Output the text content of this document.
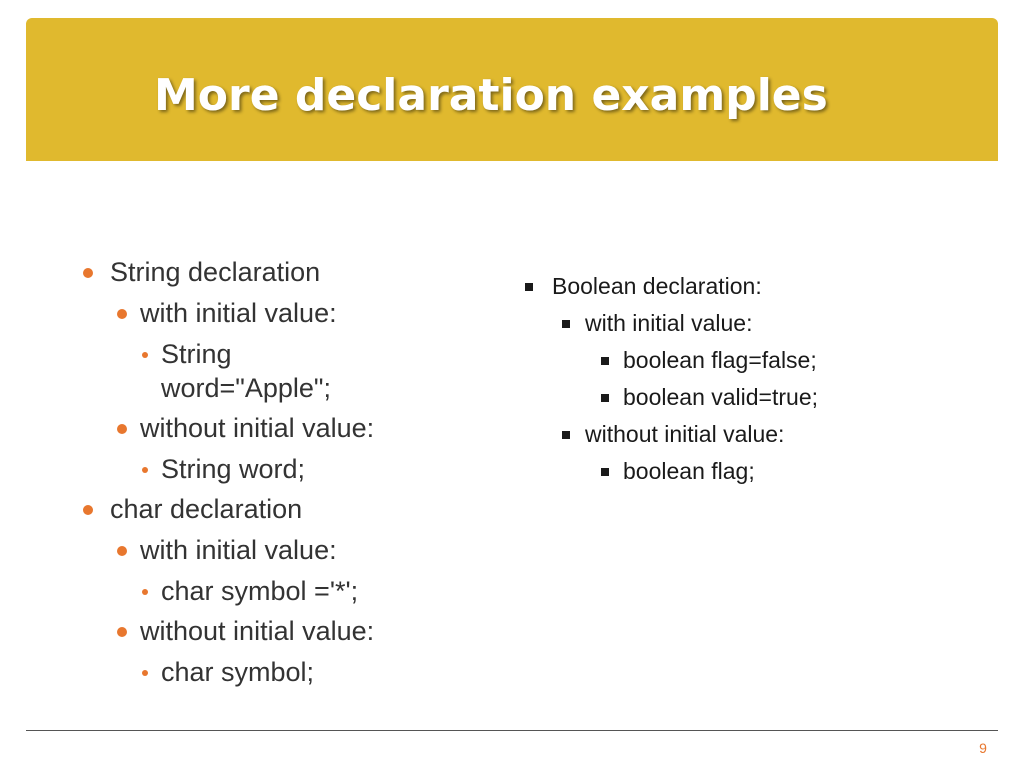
More declaration examples

String declaration

with initial value:

String word="Apple";

without initial value:

String word;

char declaration

with initial value:

char symbol ='*';

without initial value:

char symbol;

Boolean declaration:

with initial value:

boolean flag=false;

boolean valid=true;

without initial value:

boolean flag;

9
